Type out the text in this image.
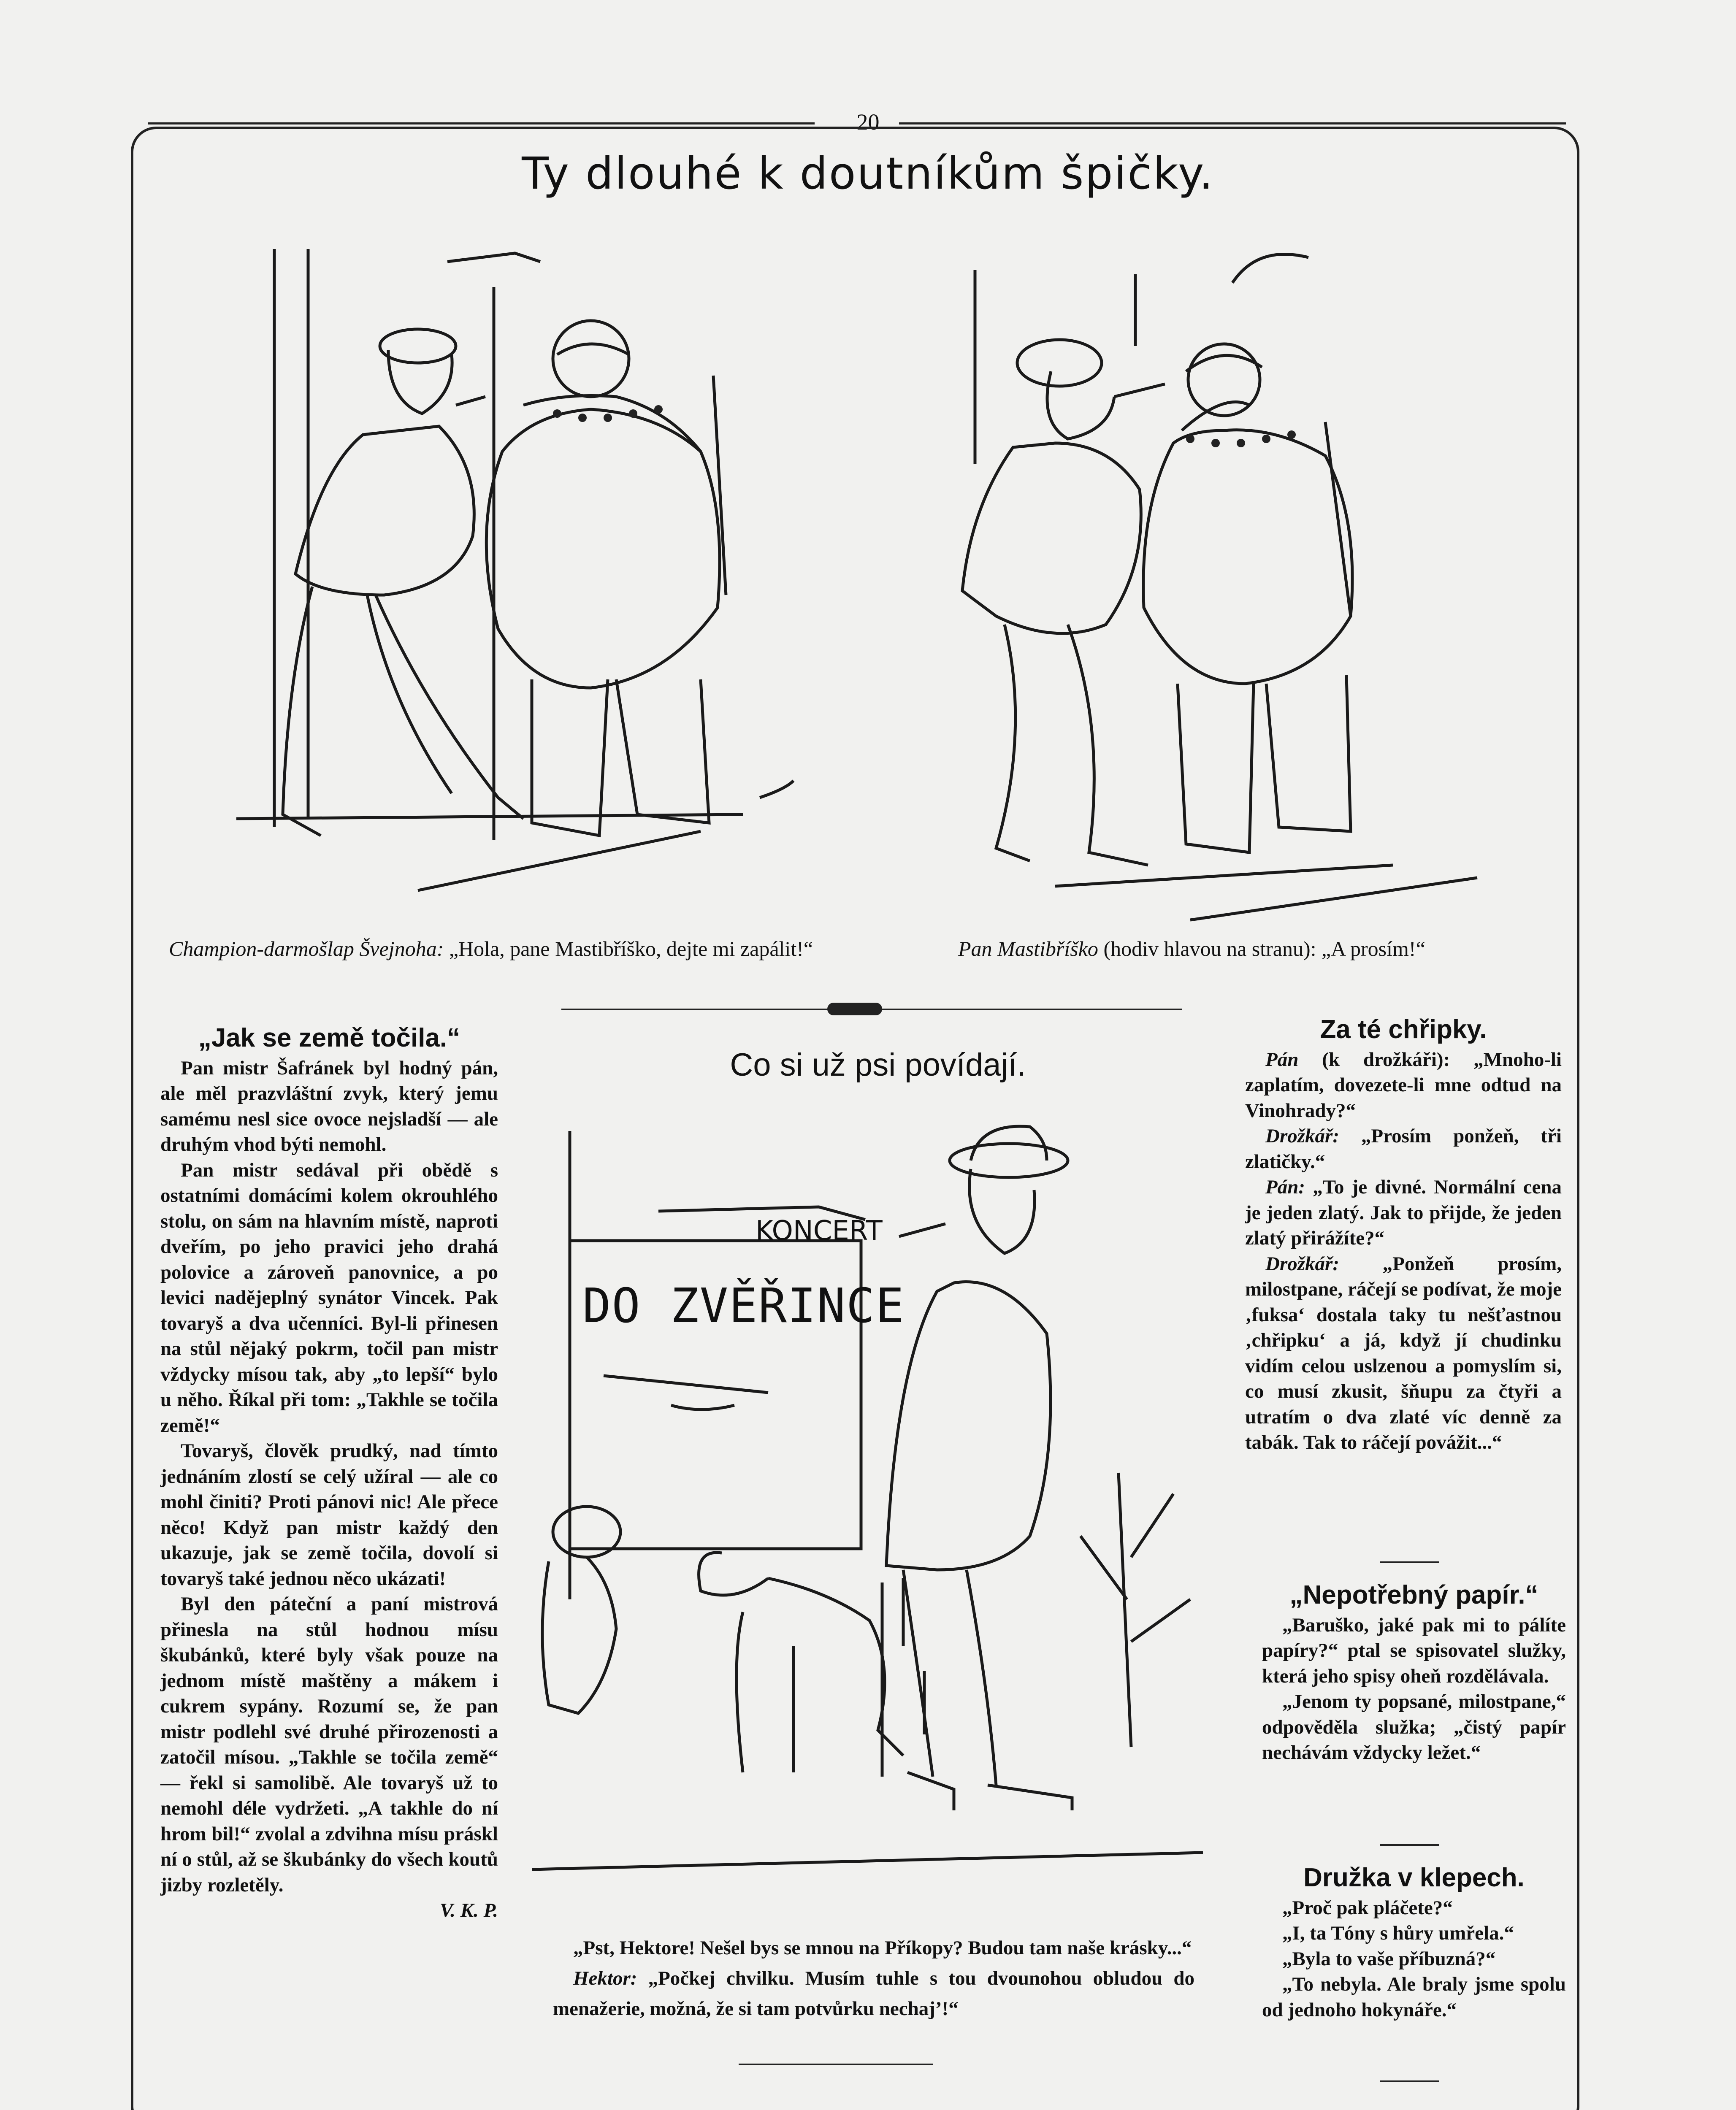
20
Ty dlouhé k doutníkům špičky.
Champion-darmošlap Švejnoha: „Hola, pane Mastibříško, dejte mi zapálit!“	Pan Mastibříško (hodiv hlavou na stranu): „A prosím!“

„Jak se země točila.“

Pan mistr Šafránek byl hodný pán, ale měl prazvláštní zvyk, který jemu samému nesl sice ovoce nejsladší — ale druhým vhod býti nemohl.

Pan mistr sedával při obědě s ostatními domácími kolem okrouhlého stolu, on sám na hlavním místě, naproti dveřím, po jeho pravici jeho drahá polovice a zároveň panovnice, a po levici nadějeplný synátor Vincek. Pak tovaryš a dva učenníci. Byl-li přinesen na stůl nějaký pokrm, točil pan mistr vždycky mísou tak, aby „to lepší“ bylo u něho. Říkal při tom: „Takhle se točila země!“

Tovaryš, člověk prudký, nad tímto jednáním zlostí se celý užíral — ale co mohl činiti? Proti pánovi nic! Ale přece něco! Když pan mistr každý den ukazuje, jak se země točila, dovolí si tovaryš také jednou něco ukázati!

Byl den páteční a paní mistrová přinesla na stůl hodnou mísu škubánků, které byly však pouze na jednom místě maštěny a mákem i cukrem sypány. Rozumí se, že pan mistr podlehl své druhé přirozenosti a zatočil mísou. „Takhle se točila země“ — řekl si samolibě. Ale tovaryš už to nemohl déle vydržeti. „A takhle do ní hrom bil!“ zvolal a zdvihna mísu práskl ní o stůl, až se škubánky do všech koutů jizby rozletěly.

V. K. P.

Co si už psi povídají.
KONCERT
DO ZVĚŘINCE

„Pst, Hektore! Nešel bys se mnou na Příkopy? Budou tam naše krásky...“

Hektor: „Počkej chvilku. Musím tuhle s tou dvounohou obludou do menažerie, možná, že si tam potvůrku nechaj’!“

Za té chřipky.

Pán (k drožkáři): „Mnoho-li zaplatím, dovezete-li mne odtud na Vinohrady?“

Drožkář: „Prosím ponžeň, tři zlatičky.“

Pán: „To je divné. Normální cena je jeden zlatý. Jak to přijde, že jeden zlatý přirážíte?“

Drožkář: „Ponžeň prosím, milostpane, ráčejí se podívat, že moje ‚fuksa‘ dostala taky tu nešťastnou ‚chřipku‘ a já, když jí chudinku vidím celou uslzenou a pomyslím si, co musí zkusit, šňupu za čtyři a utratím o dva zlaté víc denně za tabák. Tak to ráčejí povážit...“

„Nepotřebný papír.“

„Baruško, jaké pak mi to pálíte papíry?“ ptal se spisovatel služky, která jeho spisy oheň rozdělávala.

„Jenom ty popsané, milostpane,“ odpověděla služka; „čistý papír nechávám vždycky ležet.“

Družka v klepech.

„Proč pak pláčete?“

„I, ta Tóny s hůry umřela.“

„Byla to vaše příbuzná?“

„To nebyla. Ale braly jsme spolu od jednoho hokynáře.“
